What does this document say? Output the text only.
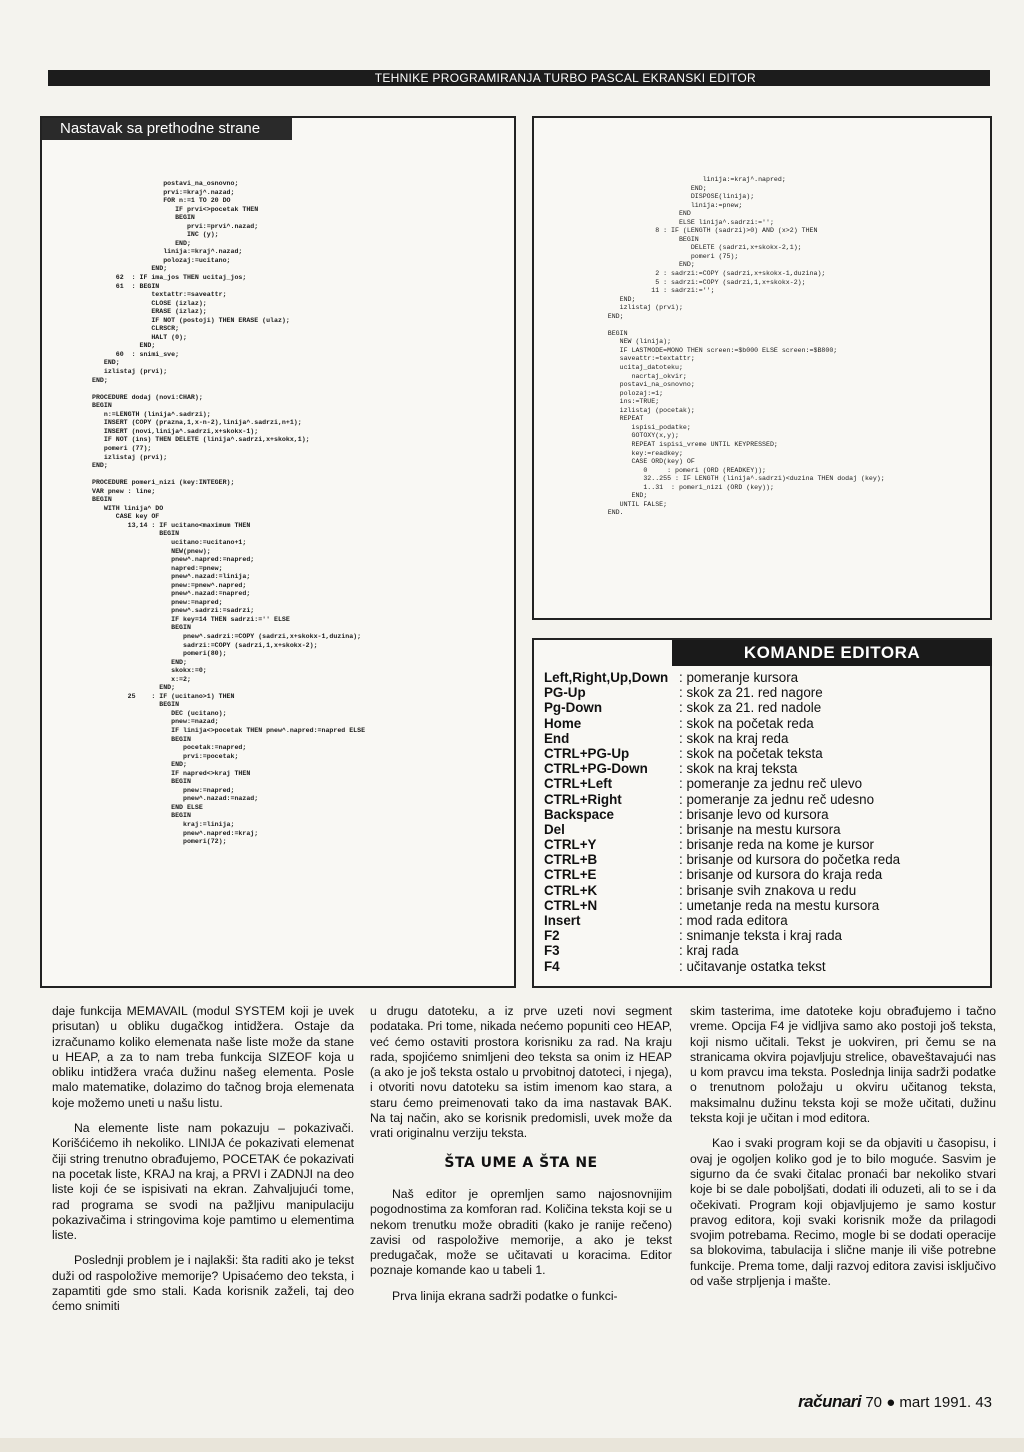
TEHNIKE PROGRAMIRANJA TURBO PASCAL EKRANSKI EDITOR
Nastavak sa prethodne strane
postavi_na_osnovno;
prvi:=kraj^.nazad;
FOR n:=1 TO 20 DO
IF prvi<>pocetak THEN
BEGIN
prvi:=prvi^.nazad;
INC (y);
END;
linija:=kraj^.nazad;
polozaj:=ucitano;
END;
62  : IF ima_jos THEN ucitaj_jos;
61  : BEGIN
textattr:=saveattr;
CLOSE (izlaz);
ERASE (izlaz);
IF NOT (postoji) THEN ERASE (ulaz);
CLRSCR;
HALT (0);
END;
60  : snimi_sve;
END;
izlistaj (prvi);
END;

PROCEDURE dodaj (novi:CHAR);
BEGIN
n:=LENGTH (linija^.sadrzi);
INSERT (COPY (prazna,1,x-n-2),linija^.sadrzi,n+1);
INSERT (novi,linija^.sadrzi,x+skokx-1);
IF NOT (ins) THEN DELETE (linija^.sadrzi,x+skokx,1);
pomeri (77);
izlistaj (prvi);
END;

PROCEDURE pomeri_nizi (key:INTEGER);
VAR pnew : line;
BEGIN
WITH linija^ DO
CASE key OF
13,14 : IF ucitano<maximum THEN
BEGIN
ucitano:=ucitano+1;
NEW(pnew);
pnew^.napred:=napred;
napred:=pnew;
pnew^.nazad:=linija;
pnew:=pnew^.napred;
pnew^.nazad:=napred;
pnew:=napred;
pnew^.sadrzi:=sadrzi;
IF key=14 THEN sadrzi:='' ELSE
BEGIN
pnew^.sadrzi:=COPY (sadrzi,x+skokx-1,duzina);
sadrzi:=COPY (sadrzi,1,x+skokx-2);
pomeri(80);
END;
skokx:=0;
x:=2;
END;
25    : IF (ucitano>1) THEN
BEGIN
DEC (ucitano);
pnew:=nazad;
IF linija<>pocetak THEN pnew^.napred:=napred ELSE
BEGIN
pocetak:=napred;
prvi:=pocetak;
END;
IF napred<>kraj THEN
BEGIN
pnew:=napred;
pnew^.nazad:=nazad;
END ELSE
BEGIN
kraj:=linija;
pnew^.napred:=kraj;
pomeri(72);
linija:=kraj^.napred;
END;
DISPOSE(linija);
linija:=pnew;
END
ELSE linija^.sadrzi:='';
8 : IF (LENGTH (sadrzi)>0) AND (x>2) THEN
BEGIN
DELETE (sadrzi,x+skokx-2,1);
pomeri (75);
END;
2 : sadrzi:=COPY (sadrzi,x+skokx-1,duzina);
5 : sadrzi:=COPY (sadrzi,1,x+skokx-2);
11 : sadrzi:='';
END;
izlistaj (prvi);
END;

BEGIN
NEW (linija);
IF LASTMODE=MONO THEN screen:=$b000 ELSE screen:=$B800;
saveattr:=textattr;
ucitaj_datoteku;
nacrtaj_okvir;
postavi_na_osnovno;
polozaj:=1;
ins:=TRUE;
izlistaj (pocetak);
REPEAT
ispisi_podatke;
GOTOXY(x,y);
REPEAT ispisi_vreme UNTIL KEYPRESSED;
key:=readkey;
CASE ORD(key) OF
0     : pomeri (ORD (READKEY));
32..255 : IF LENGTH (linija^.sadrzi)<duzina THEN dodaj (key);
1..31  : pomeri_nizi (ORD (key));
END;
UNTIL FALSE;
END.
KOMANDE EDITORA
Left,Right,Up,Down	: pomeranje kursora
PG-Up	: skok za 21. red nagore
Pg-Down	: skok za 21. red nadole
Home	: skok na početak reda
End	: skok na kraj reda
CTRL+PG-Up	: skok na početak teksta
CTRL+PG-Down	: skok na kraj teksta
CTRL+Left	: pomeranje za jednu reč ulevo
CTRL+Right	: pomeranje za jednu reč udesno
Backspace	: brisanje levo od kursora
Del	: brisanje na mestu kursora
CTRL+Y	: brisanje reda na kome je kursor
CTRL+B	: brisanje od kursora do početka reda
CTRL+E	: brisanje od kursora do kraja reda
CTRL+K	: brisanje svih znakova u redu
CTRL+N	: umetanje reda na mestu kursora
Insert	: mod rada editora
F2	: snimanje teksta i kraj rada
F3	: kraj rada
F4	: učitavanje ostatka tekst

daje funkcija MEMAVAIL (modul SYSTEM koji je uvek prisutan) u obliku dugačkog intidžera. Ostaje da izračunamo koliko elemenata naše liste može da stane u HEAP, a za to nam treba funkcija SIZEOF koja u obliku intidžera vraća dužinu našeg elementa. Posle malo matematike, dolazimo do tačnog broja elemenata koje možemo uneti u našu listu.

Na elemente liste nam pokazuju – pokazivači. Korišćićemo ih nekoliko. LINIJA će pokazivati elemenat čiji string trenutno obrađujemo, POCETAK će pokazivati na pocetak liste, KRAJ na kraj, a PRVI i ZADNJI na deo liste koji će se ispisivati na ekran. Zahvaljujući tome, rad programa se svodi na pažljivu manipulaciju pokazivačima i stringovima koje pamtimo u elementima liste.

Poslednji problem je i najlakši: šta raditi ako je tekst duži od raspoložive memorije? Upisaćemo deo teksta, i zapamtiti gde smo stali. Kada korisnik zaželi, taj deo ćemo snimiti

u drugu datoteku, a iz prve uzeti novi segment podataka. Pri tome, nikada nećemo popuniti ceo HEAP, već ćemo ostaviti prostora korisniku za rad. Na kraju rada, spojićemo snimljeni deo teksta sa onim iz HEAP (a ako je još teksta ostalo u prvobitnoj datoteci, i njega), i otvoriti novu datoteku sa istim imenom kao stara, a staru ćemo preimenovati tako da ima nastavak BAK. Na taj način, ako se korisnik predomisli, uvek može da vrati originalnu verziju teksta.

ŠTA UME A ŠTA NE

Naš editor je opremljen samo najosnovnijim pogodnostima za komforan rad. Količina teksta koji se u nekom trenutku može obraditi (kako je ranije rečeno) zavisi od raspoložive memorije, a ako je tekst predugačak, može se učitavati u koracima. Editor poznaje komande kao u tabeli 1.

Prva linija ekrana sadrži podatke o funkci-

skim tasterima, ime datoteke koju obrađujemo i tačno vreme. Opcija F4 je vidljiva samo ako postoji još teksta, koji nismo učitali. Tekst je uokviren, pri čemu se na stranicama okvira pojavljuju strelice, obaveštavajući nas u kom pravcu ima teksta. Poslednja linija sadrži podatke o trenutnom položaju u okviru učitanog teksta, maksimalnu dužinu teksta koji se može učitati, dužinu teksta koji je učitan i mod editora.

Kao i svaki program koji se da objaviti u časopisu, i ovaj je ogoljen koliko god je to bilo moguće. Sasvim je sigurno da će svaki čitalac pronaći bar nekoliko stvari koje bi se dale poboljšati, dodati ili oduzeti, ali to se i da očekivati. Program koji objavljujemo je samo kostur pravog editora, koji svaki korisnik može da prilagodi svojim potrebama. Recimo, mogle bi se dodati operacije sa blokovima, tabulacija i slične manje ili više potrebne funkcije. Prema tome, dalji razvoj editora zavisi isključivo od vaše strpljenja i mašte.

računari 70 ● mart 1991. 43
